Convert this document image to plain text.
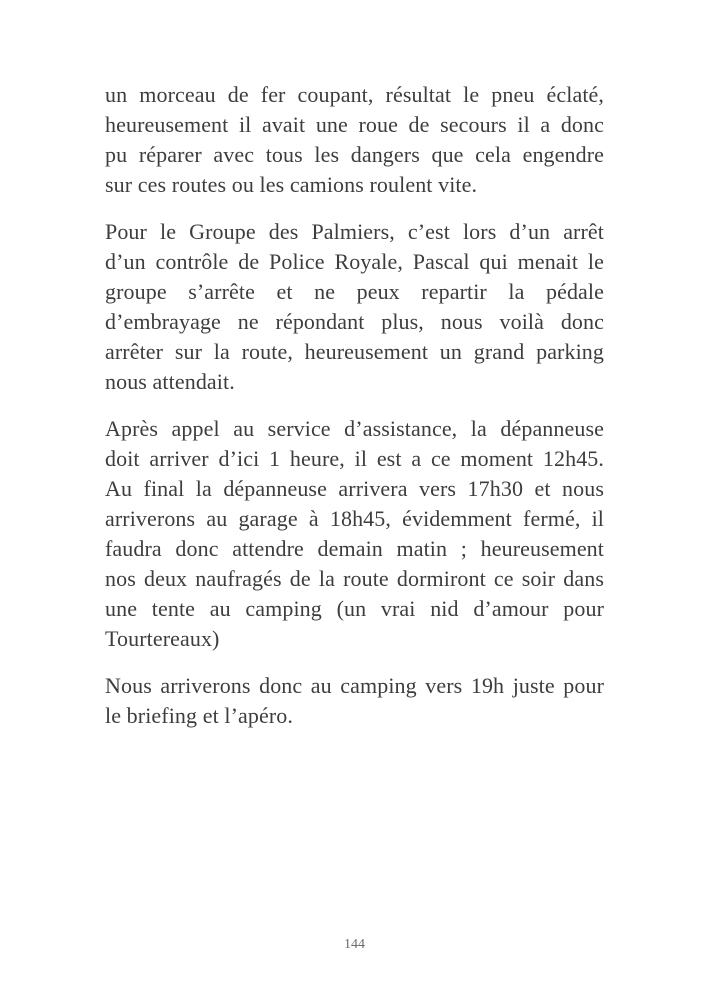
un morceau de fer coupant, résultat le pneu éclaté,
heureusement il avait une roue de secours il a donc
pu réparer avec tous les dangers que cela engendre
sur ces routes ou les camions roulent vite.

Pour le Groupe des Palmiers, c’est lors d’un arrêt
d’un contrôle de Police Royale, Pascal qui menait le
groupe s’arrête et ne peux repartir la pédale
d’embrayage ne répondant plus, nous voilà donc
arrêter sur la route, heureusement un grand parking
nous attendait.

Après appel au service d’assistance, la dépanneuse
doit arriver d’ici 1 heure, il est a ce moment 12h45.
Au final la dépanneuse arrivera vers 17h30 et nous
arriverons au garage à 18h45, évidemment fermé, il
faudra donc attendre demain matin ; heureusement
nos deux naufragés de la route dormiront ce soir dans
une tente au camping (un vrai nid d’amour pour
Tourtereaux)

Nous arriverons donc au camping vers 19h juste pour
le briefing et l’apéro.

144
